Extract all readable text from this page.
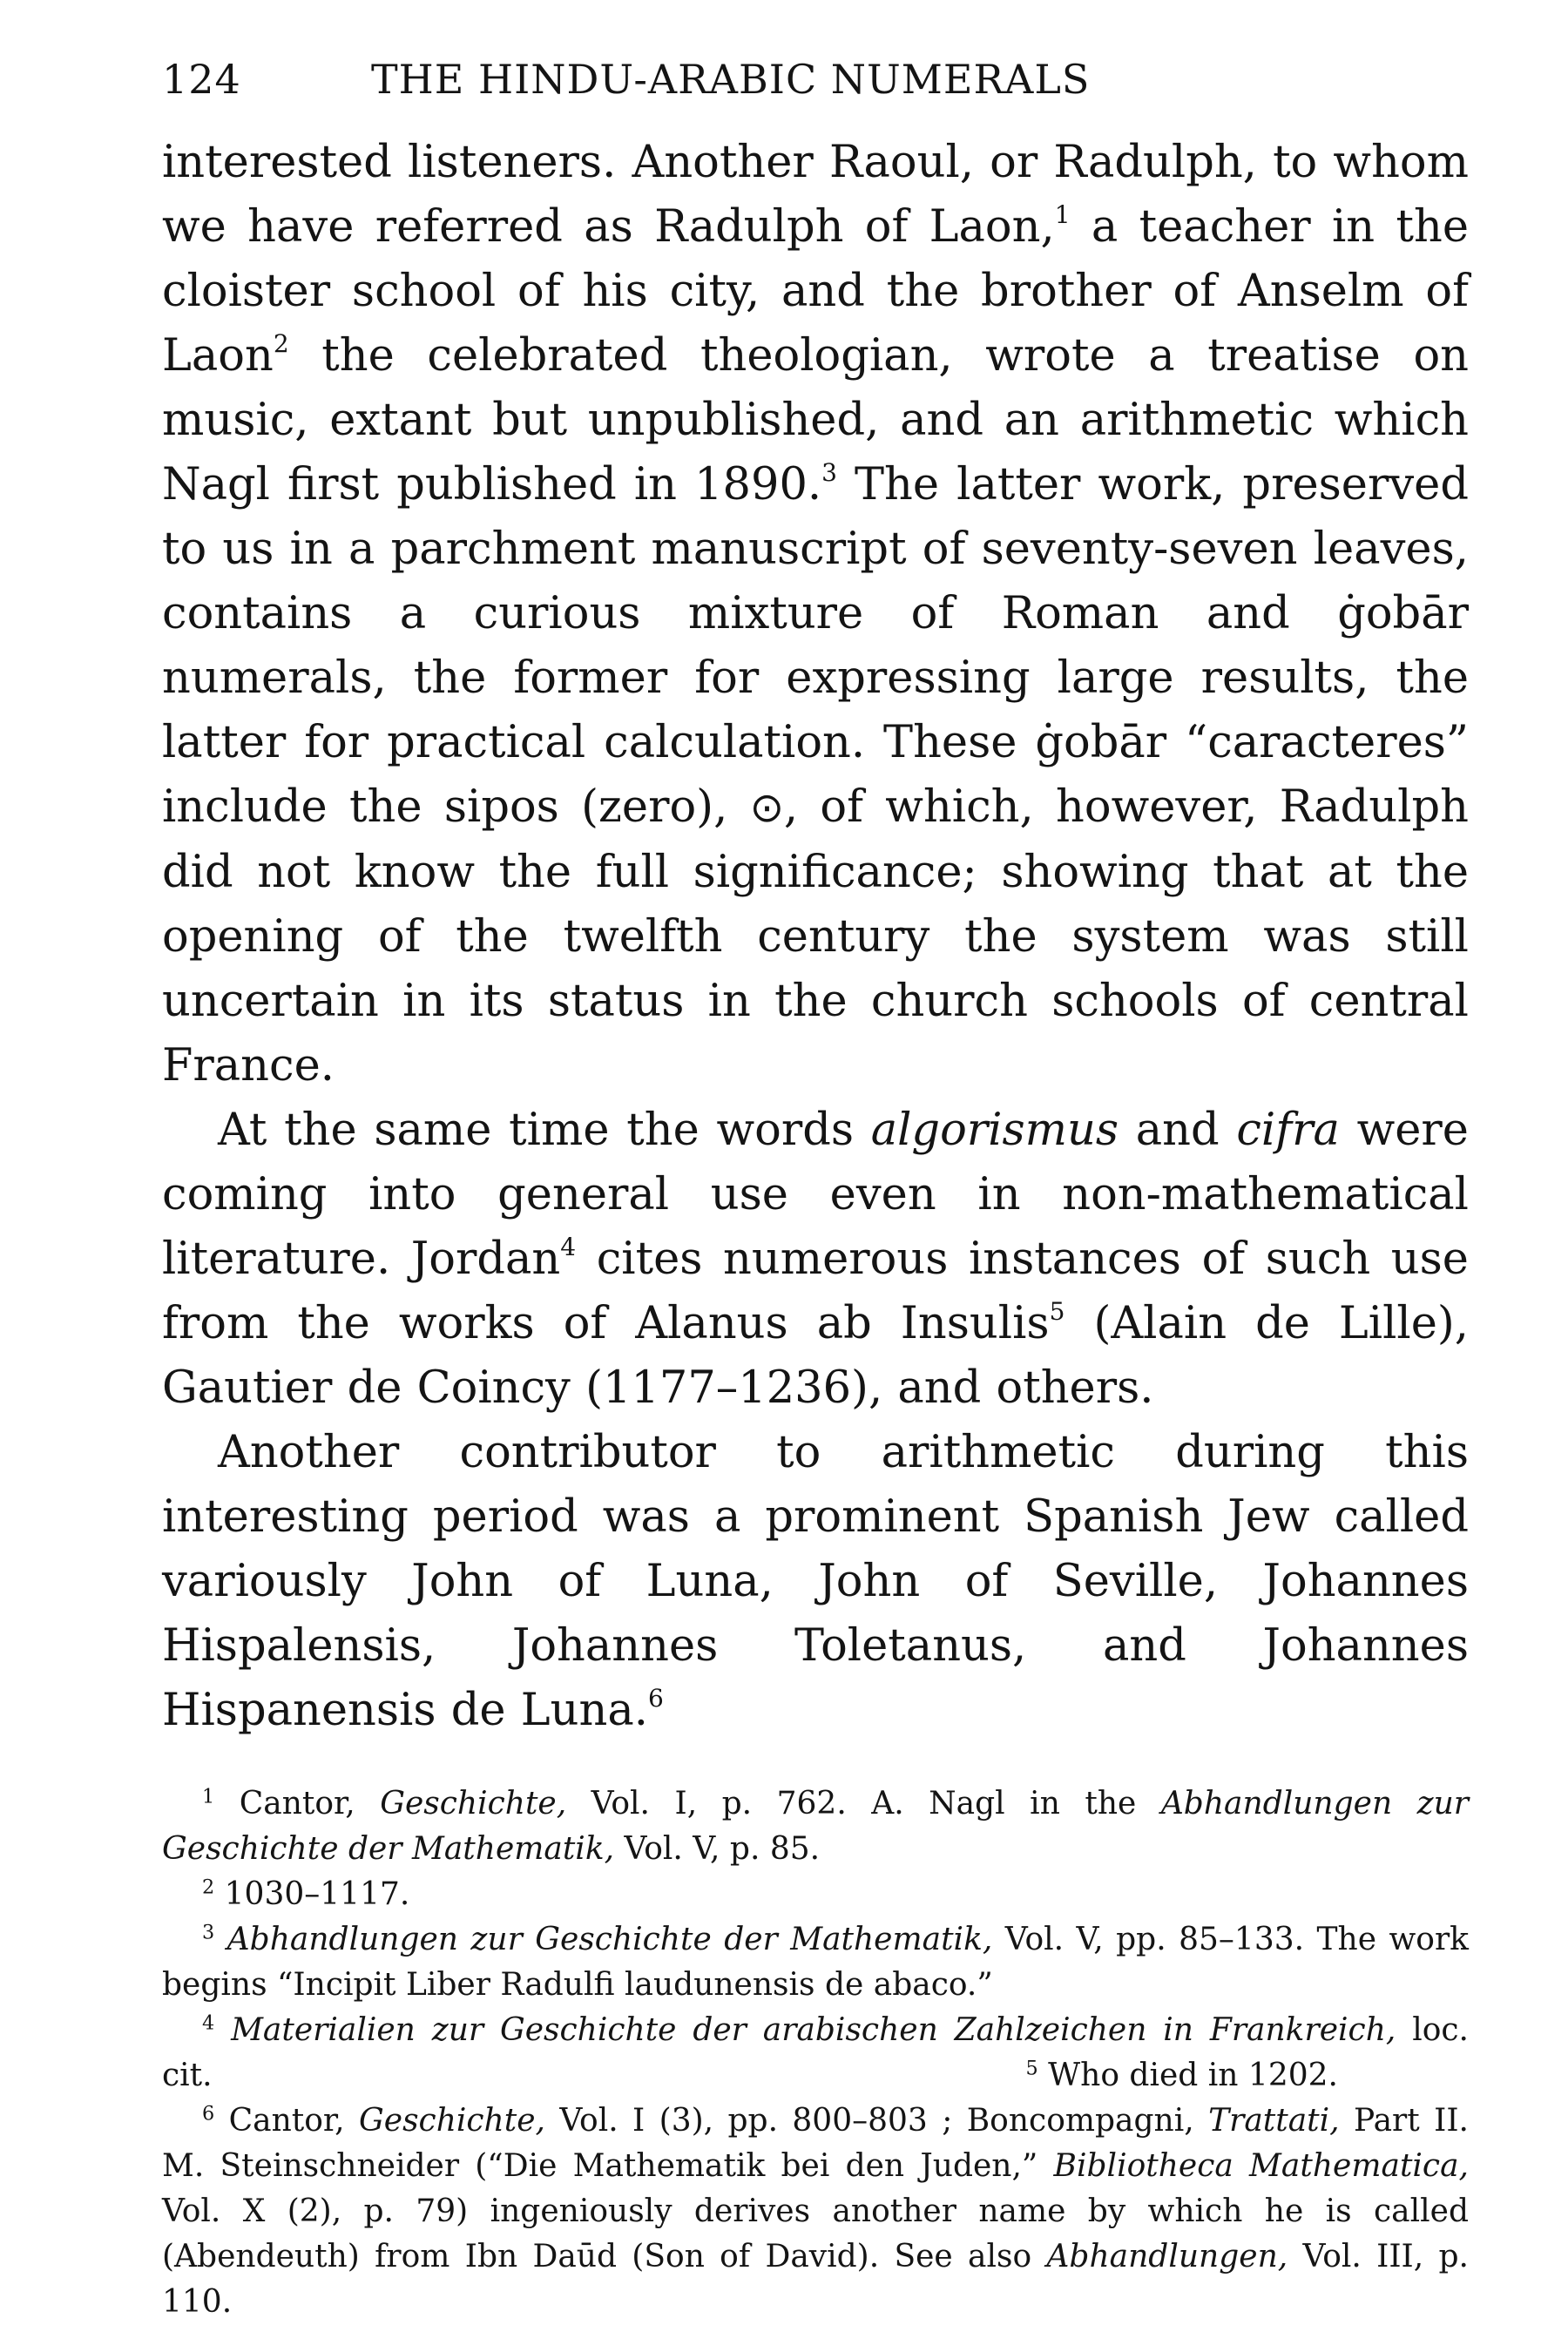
124	THE HINDU-ARABIC NUMERALS

interested listeners. Another Raoul, or Radulph, to whom we have referred as Radulph of Laon,$^1$ a teacher in the cloister school of his city, and the brother of Anselm of Laon$^2$ the celebrated theologian, wrote a treatise on music, extant but unpublished, and an arithmetic which Nagl first published in 1890.$^3$ The latter work, preserved to us in a parchment manuscript of seventy-seven leaves, contains a curious mixture of Roman and ġobār numerals, the former for expressing large results, the latter for practical calculation. These ġobār “caracteres” include the sipos (zero), ⊙, of which, however, Radulph did not know the full significance; showing that at the opening of the twelfth century the system was still uncertain in its status in the church schools of central France.

At the same time the words algorismus and cifra were coming into general use even in non-mathematical literature. Jordan$^4$ cites numerous instances of such use from the works of Alanus ab Insulis$^5$ (Alain de Lille), Gautier de Coincy (1177–1236), and others.

Another contributor to arithmetic during this interesting period was a prominent Spanish Jew called variously John of Luna, John of Seville, Johannes Hispalensis, Johannes Toletanus, and Johannes Hispanensis de Luna.$^6$

$^1$ Cantor, Geschichte, Vol. I, p. 762. A. Nagl in the Abhandlungen zur Geschichte der Mathematik, Vol. V, p. 85.

$^2$ 1030–1117.

$^3$ Abhandlungen zur Geschichte der Mathematik, Vol. V, pp. 85–133. The work begins “Incipit Liber Radulfi laudunensis de abaco.”

$^4$ Materialien zur Geschichte der arabischen Zahlzeichen in Frankreich, loc. cit.	$^5$ Who died in 1202.

$^6$ Cantor, Geschichte, Vol. I (3), pp. 800–803 ; Boncompagni, Trattati, Part II. M. Steinschneider (“Die Mathematik bei den Juden,” Bibliotheca Mathematica, Vol. X (2), p. 79) ingeniously derives another name by which he is called (Abendeuth) from Ibn Daūd (Son of David). See also Abhandlungen, Vol. III, p. 110.
